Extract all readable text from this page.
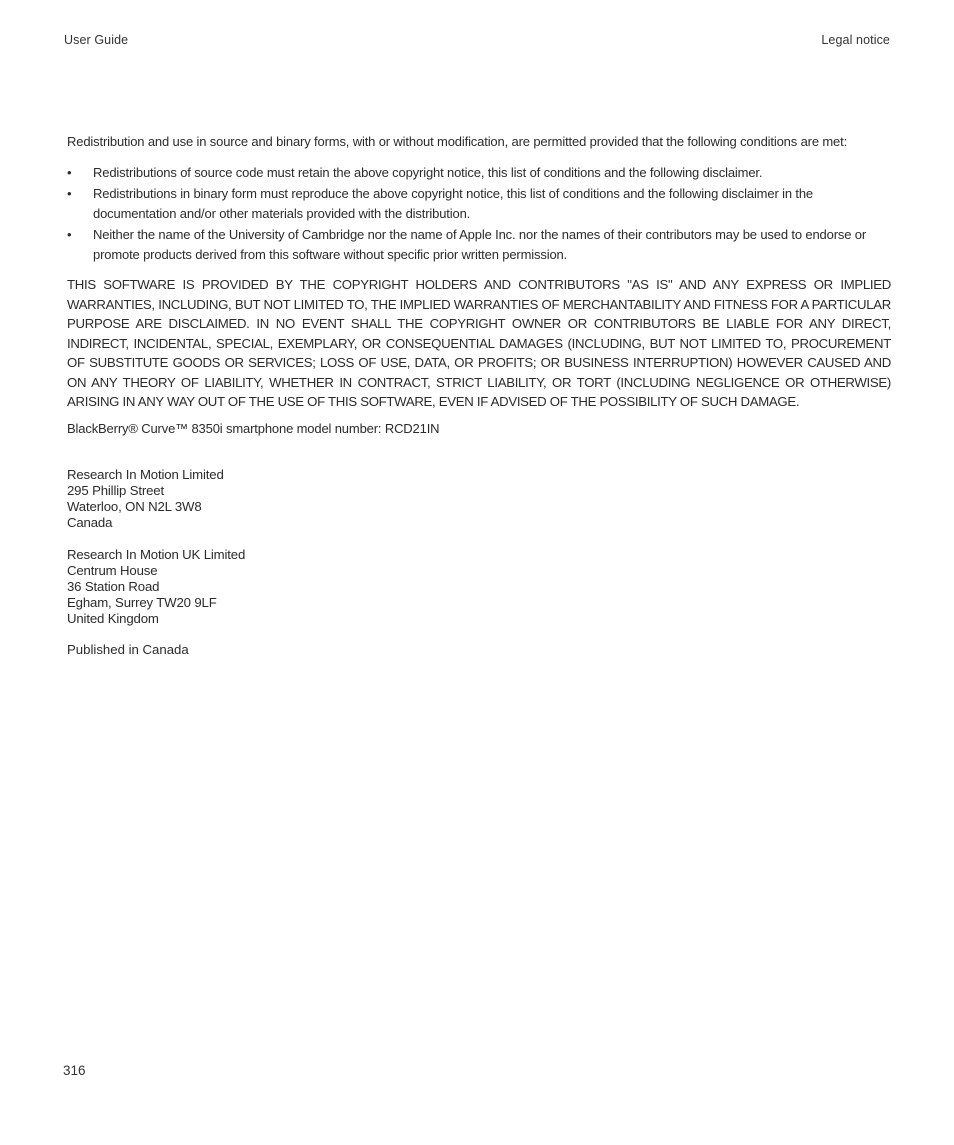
User Guide	Legal notice
Redistribution and use in source and binary forms, with or without modification, are permitted provided that the following conditions are met:
• Redistributions of source code must retain the above copyright notice, this list of conditions and the following disclaimer.
• Redistributions in binary form must reproduce the above copyright notice, this list of conditions and the following disclaimer in the documentation and/or other materials provided with the distribution.
• Neither the name of the University of Cambridge nor the name of Apple Inc. nor the names of their contributors may be used to endorse or promote products derived from this software without specific prior written permission.
THIS SOFTWARE IS PROVIDED BY THE COPYRIGHT HOLDERS AND CONTRIBUTORS "AS IS" AND ANY EXPRESS OR IMPLIED WARRANTIES, INCLUDING, BUT NOT LIMITED TO, THE IMPLIED WARRANTIES OF MERCHANTABILITY AND FITNESS FOR A PARTICULAR PURPOSE ARE DISCLAIMED. IN NO EVENT SHALL THE COPYRIGHT OWNER OR CONTRIBUTORS BE LIABLE FOR ANY DIRECT, INDIRECT, INCIDENTAL, SPECIAL, EXEMPLARY, OR CONSEQUENTIAL DAMAGES (INCLUDING, BUT NOT LIMITED TO, PROCUREMENT OF SUBSTITUTE GOODS OR SERVICES; LOSS OF USE, DATA, OR PROFITS; OR BUSINESS INTERRUPTION) HOWEVER CAUSED AND ON ANY THEORY OF LIABILITY, WHETHER IN CONTRACT, STRICT LIABILITY, OR TORT (INCLUDING NEGLIGENCE OR OTHERWISE) ARISING IN ANY WAY OUT OF THE USE OF THIS SOFTWARE, EVEN IF ADVISED OF THE POSSIBILITY OF SUCH DAMAGE.
BlackBerry® Curve™ 8350i smartphone model number: RCD21IN
Research In Motion Limited
295 Phillip Street
Waterloo, ON N2L 3W8
Canada
Research In Motion UK Limited
Centrum House
36 Station Road
Egham, Surrey TW20 9LF
United Kingdom
Published in Canada
316
